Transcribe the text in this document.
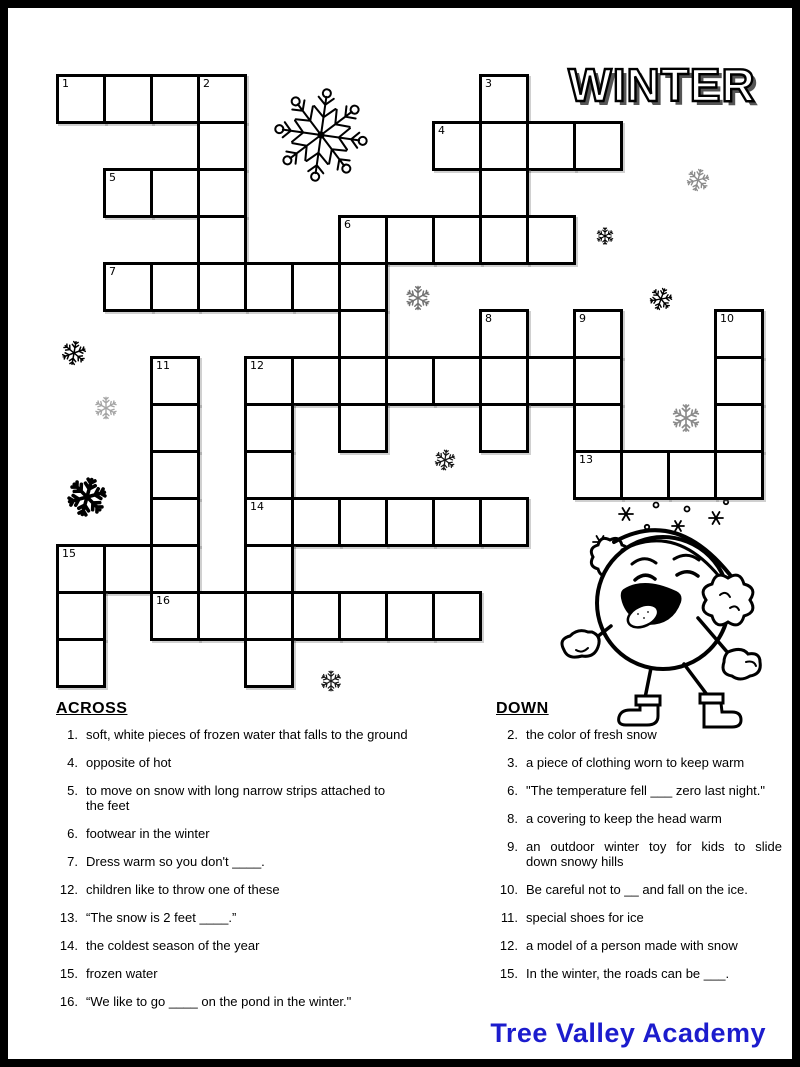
WINTER
1	2	3
4
5
6
7
8	9	10
11	12
13
14
15
16
ACROSS
1. soft, white pieces of frozen water that falls to the ground
4. opposite of hot
5. to move on snow with long narrow strips attached to
the feet
6. footwear in the winter
7. Dress warm so you don't ____.
12. children like to throw one of these
13. “The snow is 2 feet ____.”
14. the coldest season of the year
15. frozen water
16. “We like to go ____ on the pond in the winter."
DOWN
2. the color of fresh snow
3. a piece of clothing worn to keep warm
6. "The temperature fell ___ zero last night."
8. a covering to keep the head warm
9. an outdoor winter toy for kids to slide
down snowy hills
10. Be careful not to __ and fall on the ice.
11. special shoes for ice
12. a model of a person made with snow
15. In the winter, the roads can be ___.
Tree Valley Academy
